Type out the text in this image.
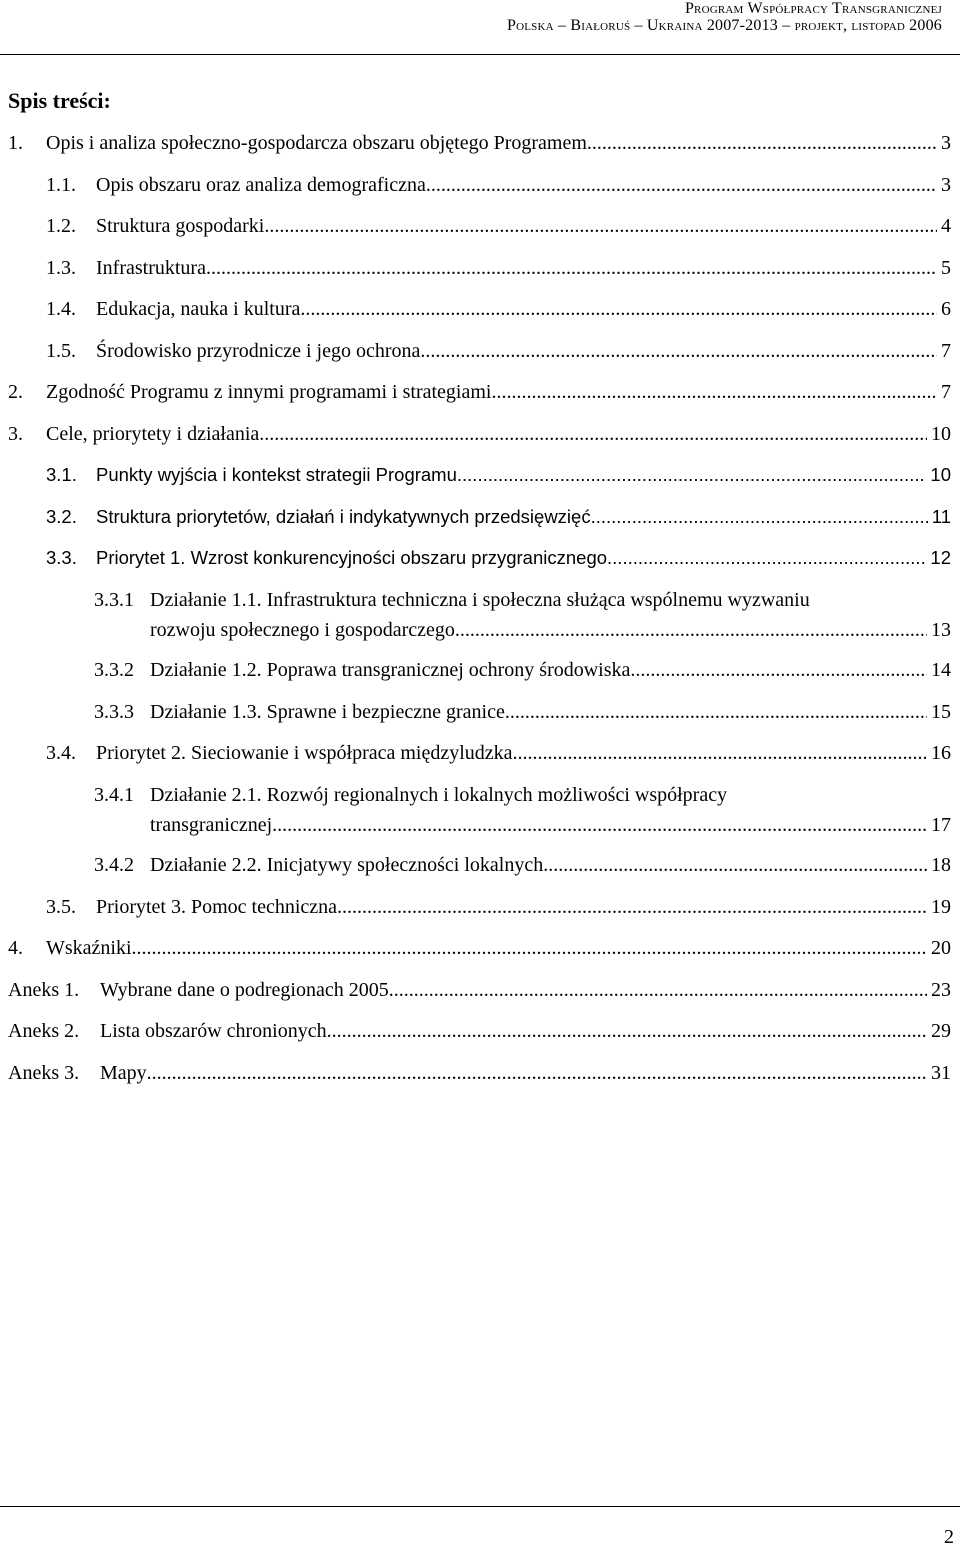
Program Współpracy Transgranicznej
Polska – Białoruś – Ukraina 2007-2013 – projekt, listopad 2006
Spis treści:
1.	Opis i analiza społeczno-gospodarcza obszaru objętego Programem .....	3
1.1.	Opis obszaru oraz analiza demograficzna .....	3
1.2.	Struktura gospodarki .....	4
1.3.	Infrastruktura .....	5
1.4.	Edukacja, nauka i kultura .....	6
1.5.	Środowisko przyrodnicze i jego ochrona .....	7
2.	Zgodność Programu z innymi programami i strategiami .....	7
3.	Cele, priorytety i działania .....	10
3.1.	Punkty wyjścia i kontekst strategii Programu .....	10
3.2.	Struktura priorytetów, działań i indykatywnych przedsięwzięć .....	11
3.3.	Priorytet 1. Wzrost konkurencyjności obszaru przygranicznego .....	12
3.3.1 Działanie 1.1. Infrastruktura techniczna i społeczna służąca wspólnemu wyzwaniu
rozwoju społecznego i gospodarczego .....	13
3.3.2 Działanie 1.2. Poprawa transgranicznej ochrony środowiska .....	14
3.3.3 Działanie 1.3. Sprawne i bezpieczne granice .....	15
3.4.	Priorytet 2. Sieciowanie i współpraca międzyludzka .....	16
3.4.1 Działanie 2.1. Rozwój regionalnych i lokalnych możliwości współpracy
transgranicznej .....	17
3.4.2 Działanie 2.2. Inicjatywy społeczności lokalnych .....	18
3.5.	Priorytet 3. Pomoc techniczna .....	19
4.	Wskaźniki .....	20
Aneks 1.	Wybrane dane o podregionach 2005 .....	23
Aneks 2.	Lista obszarów chronionych .....	29
Aneks 3.	Mapy .....	31
2
